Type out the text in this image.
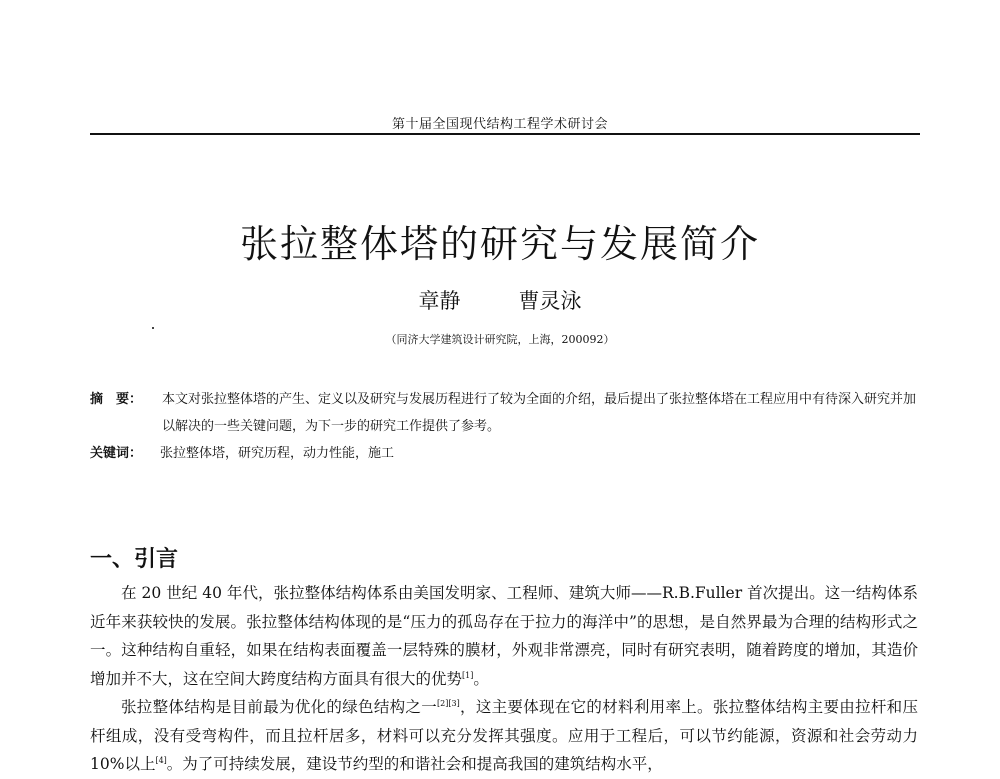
第十届全国现代结构工程学术研讨会
张拉整体塔的研究与发展简介
章静	曹灵泳
（同济大学建筑设计研究院，上海，200092）
摘　要：	本文对张拉整体塔的产生、定义以及研究与发展历程进行了较为全面的介绍，最后提出了张拉整体塔在工程应用中有待深入研究并加以解决的一些关键问题，为下一步的研究工作提供了参考。
关键词：	张拉整体塔，研究历程，动力性能，施工
一、引言

在 20 世纪 40 年代，张拉整体结构体系由美国发明家、工程师、建筑大师——R.B.Fuller 首次提出。这一结构体系近年来获较快的发展。张拉整体结构体现的是“压力的孤岛存在于拉力的海洋中”的思想，是自然界最为合理的结构形式之一。这种结构自重轻，如果在结构表面覆盖一层特殊的膜材，外观非常漂亮，同时有研究表明，随着跨度的增加，其造价增加并不大，这在空间大跨度结构方面具有很大的优势[1]。

张拉整体结构是目前最为优化的绿色结构之一[2][3]，这主要体现在它的材料利用率上。张拉整体结构主要由拉杆和压杆组成，没有受弯构件，而且拉杆居多，材料可以充分发挥其强度。应用于工程后，可以节约能源，资源和社会劳动力 10%以上[4]。为了可持续发展，建设节约型的和谐社会和提高我国的建筑结构水平，
